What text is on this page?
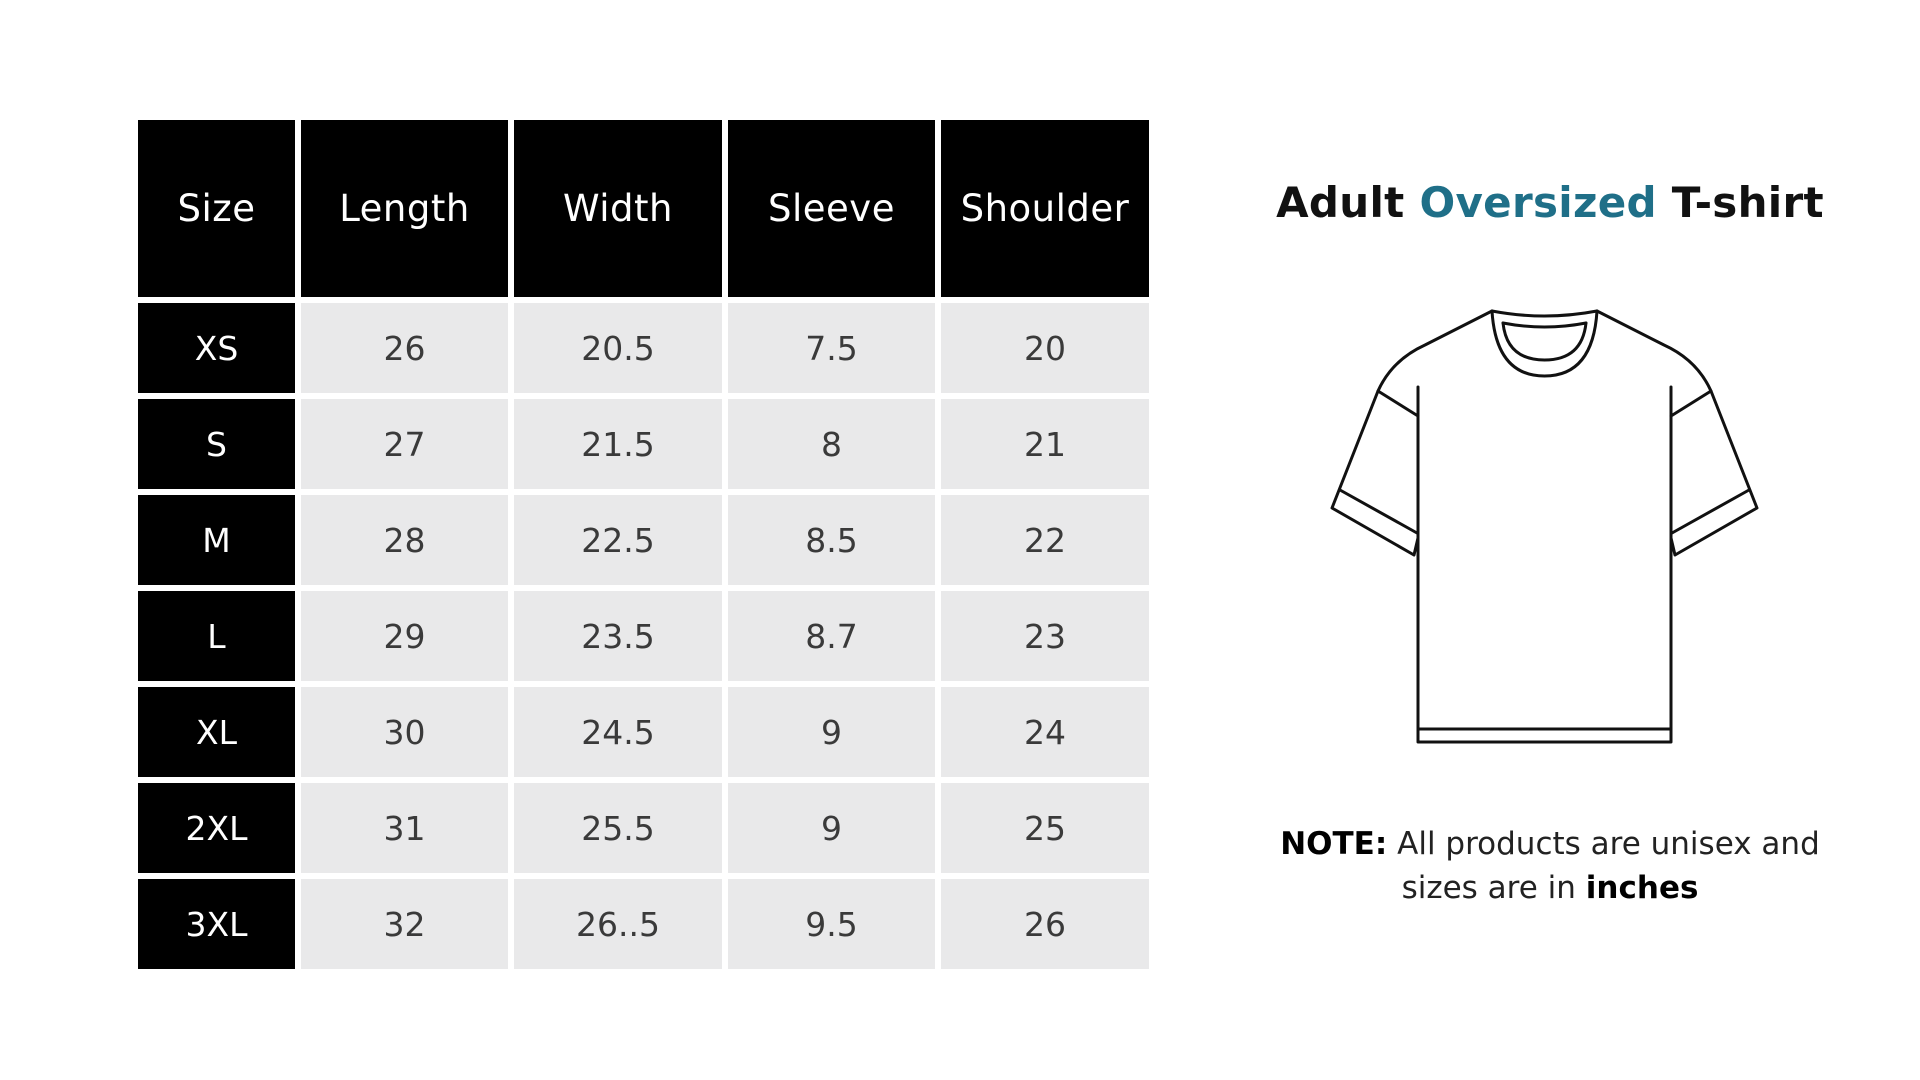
Size	Length	Width	Sleeve	Shoulder
XS	26	20.5	7.5	20
S	27	21.5	8	21
M	28	22.5	8.5	22
L	29	23.5	8.7	23
XL	30	24.5	9	24
2XL	31	25.5	9	25
3XL	32	26..5	9.5	26
Adult Oversized T-shirt
NOTE: All products are unisex and
sizes are in inches
